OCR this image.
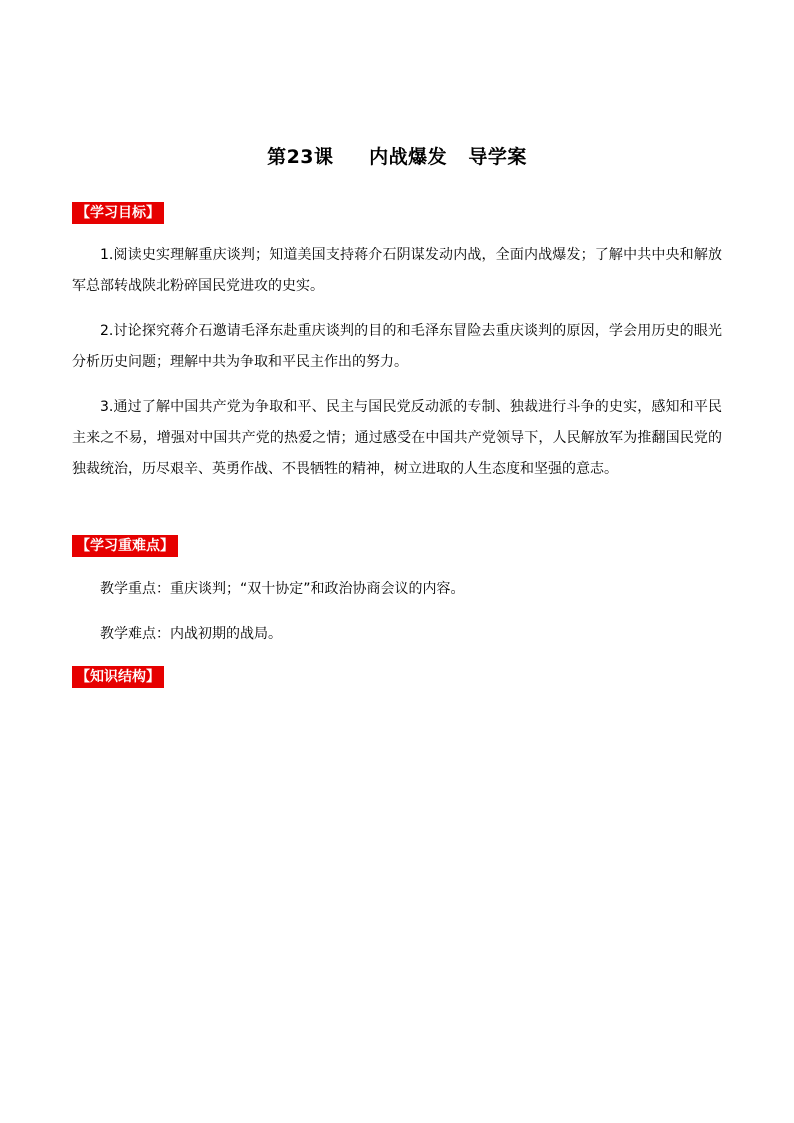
第23课     内战爆发   导学案
【学习目标】

1.阅读史实理解重庆谈判；知道美国支持蒋介石阴谋发动内战，全面内战爆发；了解中共中央和解放军总部转战陕北粉碎国民党进攻的史实。

2.讨论探究蒋介石邀请毛泽东赴重庆谈判的目的和毛泽东冒险去重庆谈判的原因，学会用历史的眼光分析历史问题；理解中共为争取和平民主作出的努力。

3.通过了解中国共产党为争取和平、民主与国民党反动派的专制、独裁进行斗争的史实，感知和平民主来之不易，增强对中国共产党的热爱之情；通过感受在中国共产党领导下，人民解放军为推翻国民党的独裁统治，历尽艰辛、英勇作战、不畏牺牲的精神，树立进取的人生态度和坚强的意志。

【学习重难点】

教学重点：重庆谈判；“双十协定”和政治协商会议的内容。

教学难点：内战初期的战局。

【知识结构】
